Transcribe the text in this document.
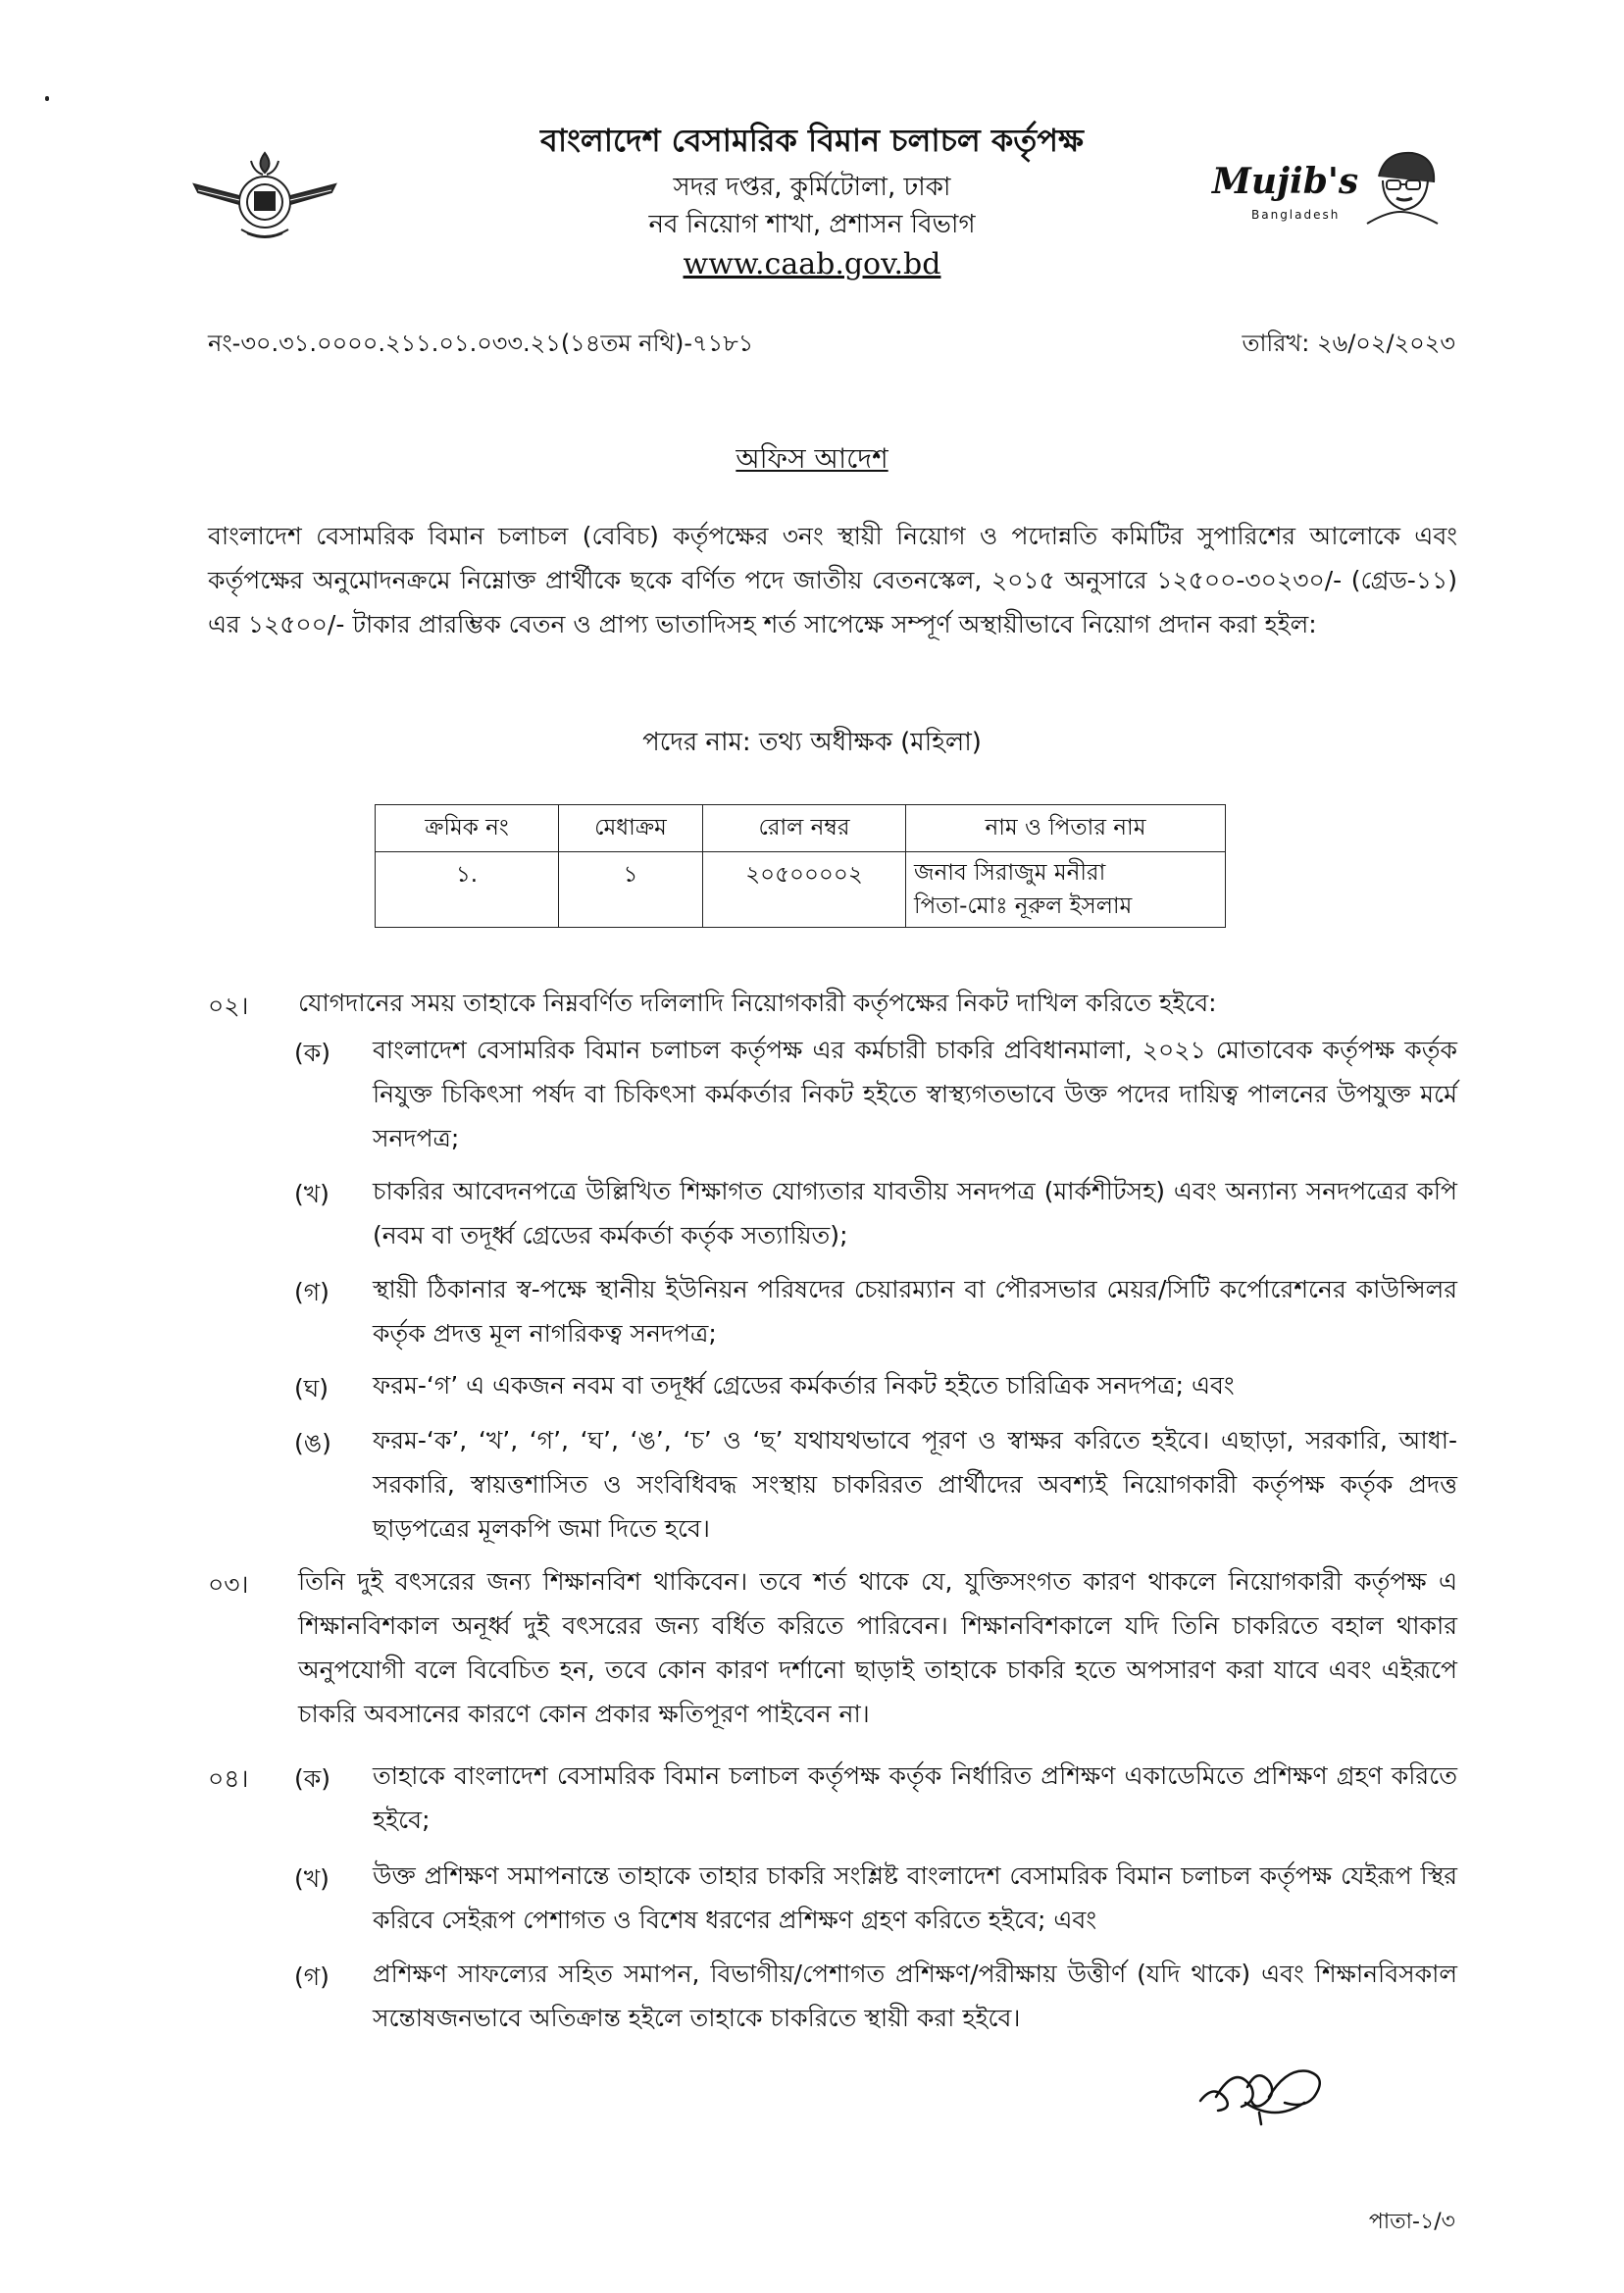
বাংলাদেশ বেসামরিক বিমান চলাচল কর্তৃপক্ষ
সদর দপ্তর, কুর্মিটোলা, ঢাকা
নব নিয়োগ শাখা, প্রশাসন বিভাগ
www.caab.gov.bd
Mujib's
Bangladesh
নং-৩০.৩১.০০০০.২১১.০১.০৩৩.২১(১৪তম নথি)-৭১৮১	তারিখ: ২৬/০২/২০২৩
অফিস আদেশ
বাংলাদেশ বেসামরিক বিমান চলাচল (বেবিচ) কর্তৃপক্ষের ৩নং স্থায়ী নিয়োগ ও পদোন্নতি কমিটির সুপারিশের আলোকে এবং কর্তৃপক্ষের অনুমোদনক্রমে নিম্নোক্ত প্রার্থীকে ছকে বর্ণিত পদে জাতীয় বেতনস্কেল, ২০১৫ অনুসারে ১২৫০০-৩০২৩০/- (গ্রেড-১১) এর ১২৫০০/- টাকার প্রারম্ভিক বেতন ও প্রাপ্য ভাতাদিসহ শর্ত সাপেক্ষে সম্পূর্ণ অস্থায়ীভাবে নিয়োগ প্রদান করা হইল:
পদের নাম: তথ্য অধীক্ষক (মহিলা)
ক্রমিক নং	মেধাক্রম	রোল নম্বর	নাম ও পিতার নাম
১.	১	২০৫০০০০২	জনাব সিরাজুম মনীরা
পিতা-মোঃ নূরুল ইসলাম
০২। যোগদানের সময় তাহাকে নিম্নবর্ণিত দলিলাদি নিয়োগকারী কর্তৃপক্ষের নিকট দাখিল করিতে হইবে:
(ক) বাংলাদেশ বেসামরিক বিমান চলাচল কর্তৃপক্ষ এর কর্মচারী চাকরি প্রবিধানমালা, ২০২১ মোতাবেক কর্তৃপক্ষ কর্তৃক নিযুক্ত চিকিৎসা পর্ষদ বা চিকিৎসা কর্মকর্তার নিকট হইতে স্বাস্থ্যগতভাবে উক্ত পদের দায়িত্ব পালনের উপযুক্ত মর্মে সনদপত্র;
(খ) চাকরির আবেদনপত্রে উল্লিখিত শিক্ষাগত যোগ্যতার যাবতীয় সনদপত্র (মার্কশীটসহ) এবং অন্যান্য সনদপত্রের কপি (নবম বা তদূর্ধ্ব গ্রেডের কর্মকর্তা কর্তৃক সত্যায়িত);
(গ) স্থায়ী ঠিকানার স্ব-পক্ষে স্থানীয় ইউনিয়ন পরিষদের চেয়ারম্যান বা পৌরসভার মেয়র/সিটি কর্পোরেশনের কাউন্সিলর কর্তৃক প্রদত্ত মূল নাগরিকত্ব সনদপত্র;
(ঘ) ফরম-‘গ’ এ একজন নবম বা তদূর্ধ্ব গ্রেডের কর্মকর্তার নিকট হইতে চারিত্রিক সনদপত্র; এবং
(ঙ) ফরম-‘ক’, ‘খ’, ‘গ’, ‘ঘ’, ‘ঙ’, ‘চ’ ও ‘ছ’ যথাযথভাবে পূরণ ও স্বাক্ষর করিতে হইবে। এছাড়া, সরকারি, আধা-সরকারি, স্বায়ত্তশাসিত ও সংবিধিবদ্ধ সংস্থায় চাকরিরত প্রার্থীদের অবশ্যই নিয়োগকারী কর্তৃপক্ষ কর্তৃক প্রদত্ত ছাড়পত্রের মূলকপি জমা দিতে হবে।
০৩। তিনি দুই বৎসরের জন্য শিক্ষানবিশ থাকিবেন। তবে শর্ত থাকে যে, যুক্তিসংগত কারণ থাকলে নিয়োগকারী কর্তৃপক্ষ এ শিক্ষানবিশকাল অনূর্ধ্ব দুই বৎসরের জন্য বর্ধিত করিতে পারিবেন। শিক্ষানবিশকালে যদি তিনি চাকরিতে বহাল থাকার অনুপযোগী বলে বিবেচিত হন, তবে কোন কারণ দর্শানো ছাড়াই তাহাকে চাকরি হতে অপসারণ করা যাবে এবং এইরূপে চাকরি অবসানের কারণে কোন প্রকার ক্ষতিপূরণ পাইবেন না।
০৪। (ক) তাহাকে বাংলাদেশ বেসামরিক বিমান চলাচল কর্তৃপক্ষ কর্তৃক নির্ধারিত প্রশিক্ষণ একাডেমিতে প্রশিক্ষণ গ্রহণ করিতে হইবে;
(খ) উক্ত প্রশিক্ষণ সমাপনান্তে তাহাকে তাহার চাকরি সংশ্লিষ্ট বাংলাদেশ বেসামরিক বিমান চলাচল কর্তৃপক্ষ যেইরূপ স্থির করিবে সেইরূপ পেশাগত ও বিশেষ ধরণের প্রশিক্ষণ গ্রহণ করিতে হইবে; এবং
(গ) প্রশিক্ষণ সাফল্যের সহিত সমাপন, বিভাগীয়/পেশাগত প্রশিক্ষণ/পরীক্ষায় উত্তীর্ণ (যদি থাকে) এবং শিক্ষানবিসকাল সন্তোষজনভাবে অতিক্রান্ত হইলে তাহাকে চাকরিতে স্থায়ী করা হইবে।
পাতা-১/৩
